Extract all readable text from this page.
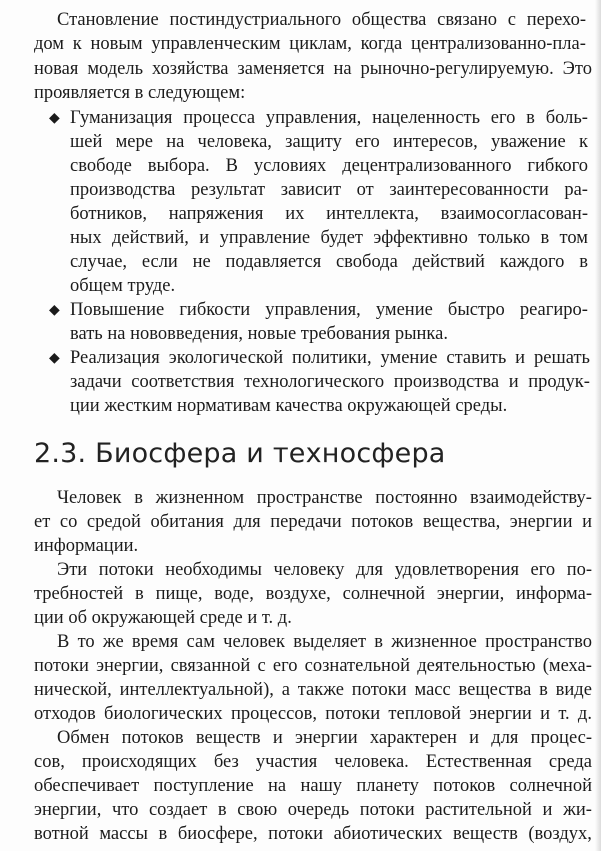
Становление постиндустриального общества связано с перехо-
дом к новым управленческим циклам, когда централизованно-пла-
новая модель хозяйства заменяется на рыночно-регулируемую. Это
проявляется в следующем:
◆ Гуманизация процесса управления, нацеленность его в боль-
шей мере на человека, защиту его интересов, уважение к
свободе выбора. В условиях децентрализованного гибкого
производства результат зависит от заинтересованности ра-
ботников, напряжения их интеллекта, взаимосогласован-
ных действий, и управление будет эффективно только в том
случае, если не подавляется свобода действий каждого в
общем труде.
◆ Повышение гибкости управления, умение быстро реагиро-
вать на нововведения, новые требования рынка.
◆ Реализация экологической политики, умение ставить и решать
задачи соответствия технологического производства и продук-
ции жестким нормативам качества окружающей среды.
2.3. Биосфера и техносфера
Человек в жизненном пространстве постоянно взаимодейству-
ет со средой обитания для передачи потоков вещества, энергии и
информации.
Эти потоки необходимы человеку для удовлетворения его по-
требностей в пище, воде, воздухе, солнечной энергии, информа-
ции об окружающей среде и т. д.
В то же время сам человек выделяет в жизненное пространство
потоки энергии, связанной с его сознательной деятельностью (меха-
нической, интеллектуальной), а также потоки масс вещества в виде
отходов биологических процессов, потоки тепловой энергии и т. д.
Обмен потоков веществ и энергии характерен и для процес-
сов, происходящих без участия человека. Естественная среда
обеспечивает поступление на нашу планету потоков солнечной
энергии, что создает в свою очередь потоки растительной и жи-
вотной массы в биосфере, потоки абиотических веществ (воздух,
